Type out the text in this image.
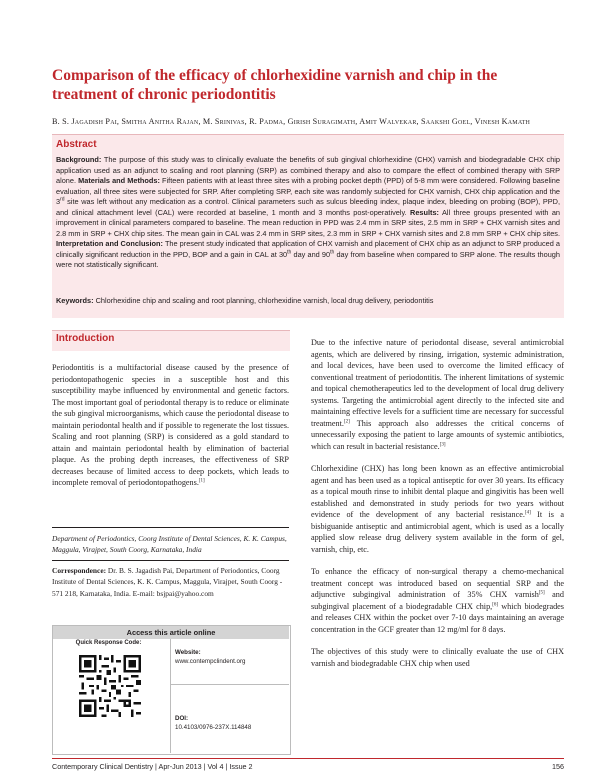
Comparison of the efficacy of chlorhexidine varnish and chip in the treatment of chronic periodontitis
B. S. Jagadish Pai, Smitha Anitha Rajan, M. Srinivas, R. Padma, Girish Suragimath, Amit Walvekar, Saakshi Goel, Vinesh Kamath
Abstract
Background: The purpose of this study was to clinically evaluate the benefits of sub gingival chlorhexidine (CHX) varnish and biodegradable CHX chip application used as an adjunct to scaling and root planning (SRP) as combined therapy and also to compare the effect of combined therapy with SRP alone. Materials and Methods: Fifteen patients with at least three sites with a probing pocket depth (PPD) of 5-8 mm were considered. Following baseline evaluation, all three sites were subjected for SRP. After completing SRP, each site was randomly subjected for CHX varnish, CHX chip application and the 3rd site was left without any medication as a control. Clinical parameters such as sulcus bleeding index, plaque index, bleeding on probing (BOP), PPD, and clinical attachment level (CAL) were recorded at baseline, 1 month and 3 months post-operatively. Results: All three groups presented with an improvement in clinical parameters compared to baseline. The mean reduction in PPD was 2.4 mm in SRP sites, 2.5 mm in SRP + CHX varnish sites and 2.8 mm in SRP + CHX chip sites. The mean gain in CAL was 2.4 mm in SRP sites, 2.3 mm in SRP + CHX varnish sites and 2.8 mm SRP + CHX chip sites. Interpretation and Conclusion: The present study indicated that application of CHX varnish and placement of CHX chip as an adjunct to SRP produced a clinically significant reduction in the PPD, BOP and a gain in CAL at 30th day and 90th day from baseline when compared to SRP alone. The results though were not statistically significant.
Keywords: Chlorhexidine chip and scaling and root planning, chlorhexidine varnish, local drug delivery, periodontitis
Introduction

Periodontitis is a multifactorial disease caused by the presence of periodontopathogenic species in a susceptible host and this susceptibility maybe influenced by environmental and genetic factors. The most important goal of periodontal therapy is to reduce or eliminate the sub gingival microorganisms, which cause the periodontal disease to maintain periodontal health and if possible to regenerate the lost tissues. Scaling and root planning (SRP) is considered as a gold standard to attain and maintain periodontal health by elimination of bacterial plaque. As the probing depth increases, the effectiveness of SRP decreases because of limited access to deep pockets, which leads to incomplete removal of periodontopathogens.[1]

Department of Periodontics, Coorg Institute of Dental Sciences, K. K. Campus, Maggula, Virajpet, South Coorg, Karnataka, India
Correspondence: Dr. B. S. Jagadish Pai, Department of Periodontics, Coorg Institute of Dental Sciences, K. K. Campus, Maggula, Virajpet, South Coorg - 571 218, Karnataka, India. E-mail: bsjpai@yahoo.com
Access this article online
Quick Response Code:
Website:
www.contempclindent.org
DOI:
10.4103/0976-237X.114848

Due to the infective nature of periodontal disease, several antimicrobial agents, which are delivered by rinsing, irrigation, systemic administration, and local devices, have been used to overcome the limited efficacy of conventional treatment of periodontitis. The inherent limitations of systemic and topical chemotherapeutics led to the development of local drug delivery systems. Targeting the antimicrobial agent directly to the infected site and maintaining effective levels for a sufficient time are necessary for successful treatment.[2] This approach also addresses the critical concerns of unnecessarily exposing the patient to large amounts of systemic antibiotics, which can result in bacterial resistance.[3]

Chlorhexidine (CHX) has long been known as an effective antimicrobial agent and has been used as a topical antiseptic for over 30 years. Its efficacy as a topical mouth rinse to inhibit dental plaque and gingivitis has been well established and demonstrated in study periods for two years without evidence of the development of any bacterial resistance.[4] It is a bisbiguanide antiseptic and antimicrobial agent, which is used as a locally applied slow release drug delivery system available in the form of gel, varnish, chip, etc.

To enhance the efficacy of non-surgical therapy a chemo-mechanical treatment concept was introduced based on sequential SRP and the adjunctive subgingival administration of 35% CHX varnish[5] and subgingival placement of a biodegradable CHX chip,[6] which biodegrades and releases CHX within the pocket over 7-10 days maintaining an average concentration in the GCF greater than 12 mg/ml for 8 days.

The objectives of this study were to clinically evaluate the use of CHX varnish and biodegradable CHX chip when used

Contemporary Clinical Dentistry | Apr-Jun 2013 | Vol 4 | Issue 2	156
